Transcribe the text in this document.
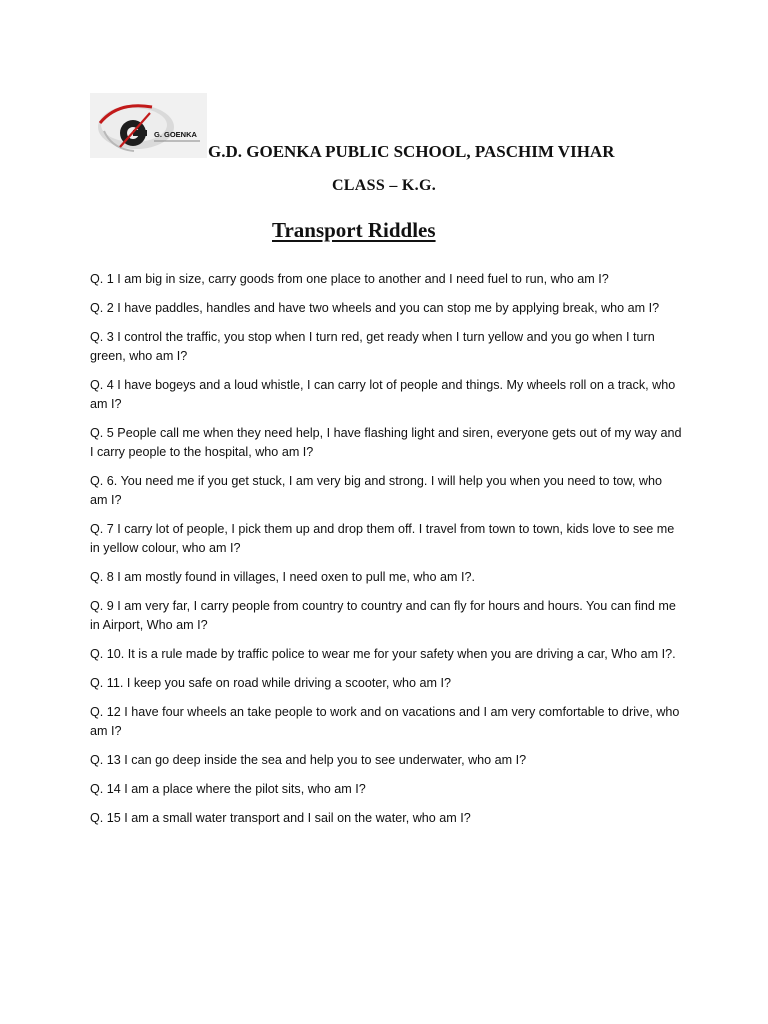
G. GOENKA
G.D. GOENKA PUBLIC SCHOOL, PASCHIM VIHAR
CLASS – K.G.
Transport Riddles
Q. 1 I am big in size, carry goods from one place to another and I need fuel to run, who am I?
Q. 2 I have paddles, handles and have two wheels and you can stop me by applying break, who am I?
Q. 3 I control the traffic, you stop when I turn red, get ready when I turn yellow and you go when I turn green, who am I?
Q. 4 I have bogeys and a loud whistle, I can carry lot of people and things. My wheels roll on a track, who am I?
Q. 5 People call me when they need help, I have flashing light and siren, everyone gets out of my way and I carry people to the hospital, who am I?
Q. 6. You need me if you get stuck, I am very big and strong. I will help you when you need to tow, who am I?
Q. 7 I carry lot of people, I pick them up and drop them off. I travel from town to town, kids love to see me in yellow colour, who am I?
Q. 8 I am mostly found in villages, I need oxen to pull me, who am I?.
Q. 9 I am very far, I carry people from country to country and can fly for hours and hours. You can find me in Airport, Who am I?
Q. 10. It is a rule made by traffic police to wear me for your safety when you are driving a car, Who am I?.
Q. 11. I keep you safe on road while driving a scooter, who am I?
Q. 12 I have four wheels an take people to work and on vacations and I am very comfortable to drive, who am I?
Q. 13 I can go deep inside the sea and help you to see underwater, who am I?
Q. 14 I am a place where the pilot sits, who am I?
Q. 15 I am a small water transport and I sail on the water, who am I?
